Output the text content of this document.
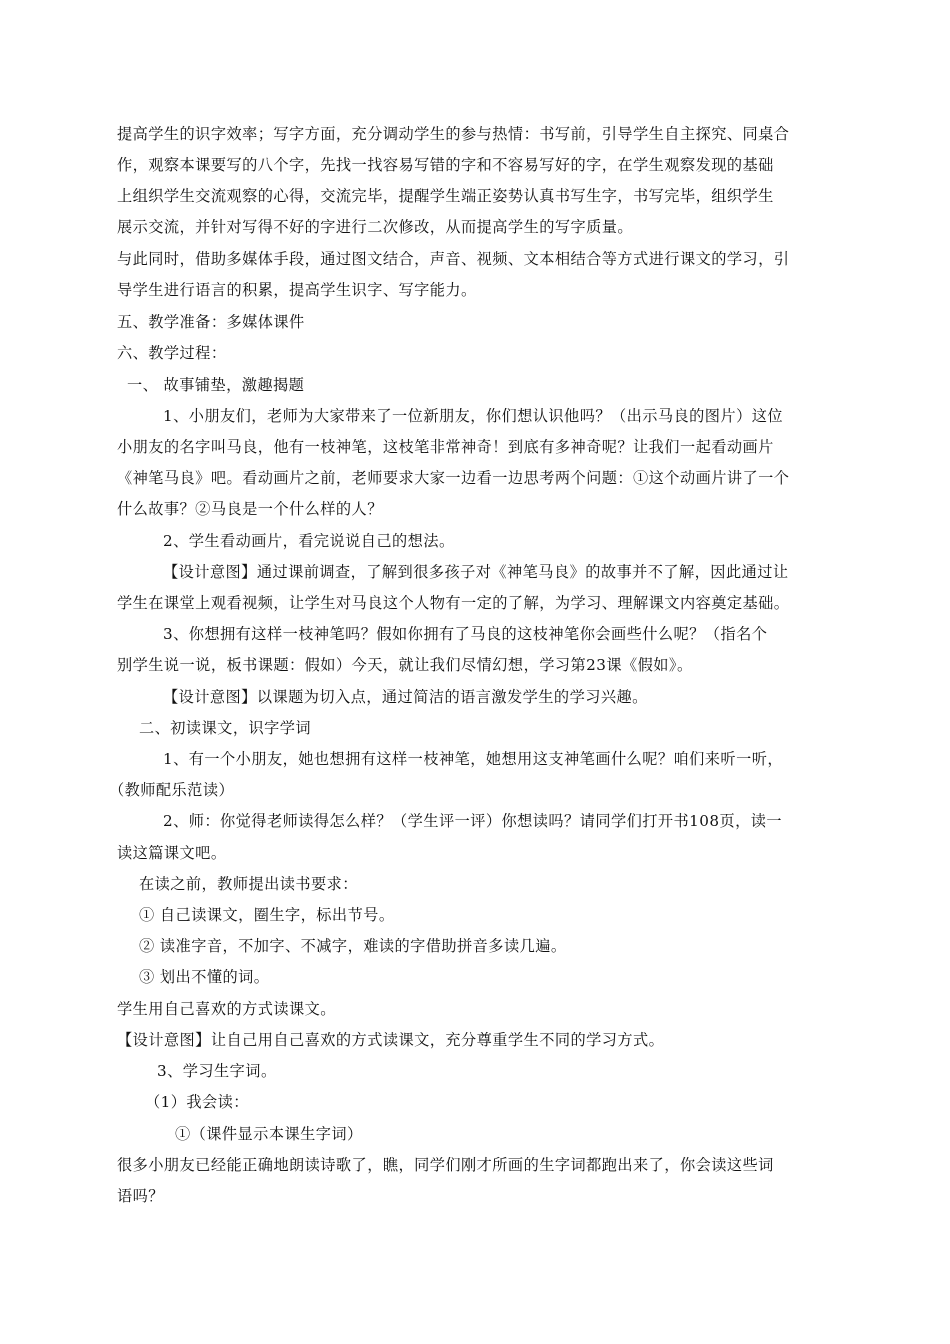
提高学生的识字效率；写字方面，充分调动学生的参与热情：书写前，引导学生自主探究、同桌合
作，观察本课要写的八个字，先找一找容易写错的字和不容易写好的字，在学生观察发现的基础
上组织学生交流观察的心得，交流完毕，提醒学生端正姿势认真书写生字，书写完毕，组织学生
展示交流，并针对写得不好的字进行二次修改，从而提高学生的写字质量。
与此同时，借助多媒体手段，通过图文结合，声音、视频、文本相结合等方式进行课文的学习，引
导学生进行语言的积累，提高学生识字、写字能力。
五、教学准备：多媒体课件
六、教学过程：
一、 故事铺垫，激趣揭题
1、小朋友们，老师为大家带来了一位新朋友，你们想认识他吗？（出示马良的图片）这位
小朋友的名字叫马良，他有一枝神笔，这枝笔非常神奇！到底有多神奇呢？让我们一起看动画片
《神笔马良》吧。看动画片之前，老师要求大家一边看一边思考两个问题：①这个动画片讲了一个
什么故事？②马良是一个什么样的人？
2、学生看动画片，看完说说自己的想法。
【设计意图】通过课前调查，了解到很多孩子对《神笔马良》的故事并不了解，因此通过让
学生在课堂上观看视频，让学生对马良这个人物有一定的了解，为学习、理解课文内容奠定基础。
3、你想拥有这样一枝神笔吗？假如你拥有了马良的这枝神笔你会画些什么呢？（指名个
别学生说一说，板书课题：假如）今天，就让我们尽情幻想，学习第23课《假如》。
【设计意图】以课题为切入点，通过简洁的语言激发学生的学习兴趣。
二、初读课文，识字学词
1、有一个小朋友，她也想拥有这样一枝神笔，她想用这支神笔画什么呢？咱们来听一听，
（教师配乐范读）
2、师：你觉得老师读得怎么样？（学生评一评）你想读吗？请同学们打开书108页，读一
读这篇课文吧。
在读之前，教师提出读书要求：
① 自己读课文，圈生字，标出节号。
② 读准字音，不加字、不减字，难读的字借助拼音多读几遍。
③ 划出不懂的词。
学生用自己喜欢的方式读课文。
【设计意图】让自己用自己喜欢的方式读课文，充分尊重学生不同的学习方式。
3、学习生字词。
（1）我会读：
①（课件显示本课生字词）
很多小朋友已经能正确地朗读诗歌了，瞧，同学们刚才所画的生字词都跑出来了，你会读这些词
语吗？
